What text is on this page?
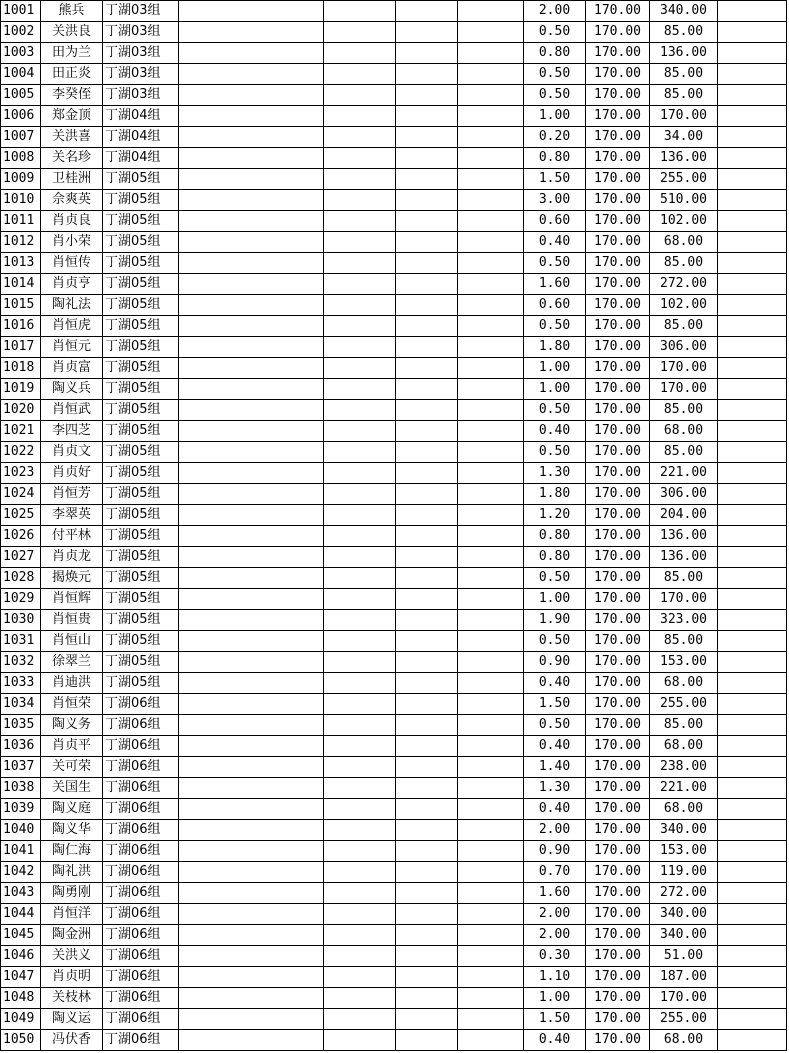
1001	熊兵	丁湖03组					2.00	170.00	340.00	
1002	关洪良	丁湖03组					0.50	170.00	85.00	
1003	田为兰	丁湖03组					0.80	170.00	136.00	
1004	田正炎	丁湖03组					0.50	170.00	85.00	
1005	李癸侄	丁湖03组					0.50	170.00	85.00	
1006	郑金顶	丁湖04组					1.00	170.00	170.00	
1007	关洪喜	丁湖04组					0.20	170.00	34.00	
1008	关名珍	丁湖04组					0.80	170.00	136.00	
1009	卫桂洲	丁湖05组					1.50	170.00	255.00	
1010	佘爽英	丁湖05组					3.00	170.00	510.00	
1011	肖贞良	丁湖05组					0.60	170.00	102.00	
1012	肖小荣	丁湖05组					0.40	170.00	68.00	
1013	肖恒传	丁湖05组					0.50	170.00	85.00	
1014	肖贞亨	丁湖05组					1.60	170.00	272.00	
1015	陶礼法	丁湖05组					0.60	170.00	102.00	
1016	肖恒虎	丁湖05组					0.50	170.00	85.00	
1017	肖恒元	丁湖05组					1.80	170.00	306.00	
1018	肖贞富	丁湖05组					1.00	170.00	170.00	
1019	陶义兵	丁湖05组					1.00	170.00	170.00	
1020	肖恒武	丁湖05组					0.50	170.00	85.00	
1021	李四芝	丁湖05组					0.40	170.00	68.00	
1022	肖贞文	丁湖05组					0.50	170.00	85.00	
1023	肖贞好	丁湖05组					1.30	170.00	221.00	
1024	肖恒芳	丁湖05组					1.80	170.00	306.00	
1025	李翠英	丁湖05组					1.20	170.00	204.00	
1026	付平林	丁湖05组					0.80	170.00	136.00	
1027	肖贞龙	丁湖05组					0.80	170.00	136.00	
1028	揭焕元	丁湖05组					0.50	170.00	85.00	
1029	肖恒辉	丁湖05组					1.00	170.00	170.00	
1030	肖恒贵	丁湖05组					1.90	170.00	323.00	
1031	肖恒山	丁湖05组					0.50	170.00	85.00	
1032	徐翠兰	丁湖05组					0.90	170.00	153.00	
1033	肖迪洪	丁湖05组					0.40	170.00	68.00	
1034	肖恒荣	丁湖06组					1.50	170.00	255.00	
1035	陶义务	丁湖06组					0.50	170.00	85.00	
1036	肖贞平	丁湖06组					0.40	170.00	68.00	
1037	关可荣	丁湖06组					1.40	170.00	238.00	
1038	关国生	丁湖06组					1.30	170.00	221.00	
1039	陶义庭	丁湖06组					0.40	170.00	68.00	
1040	陶义华	丁湖06组					2.00	170.00	340.00	
1041	陶仁海	丁湖06组					0.90	170.00	153.00	
1042	陶礼洪	丁湖06组					0.70	170.00	119.00	
1043	陶勇刚	丁湖06组					1.60	170.00	272.00	
1044	肖恒洋	丁湖06组					2.00	170.00	340.00	
1045	陶金洲	丁湖06组					2.00	170.00	340.00	
1046	关洪义	丁湖06组					0.30	170.00	51.00	
1047	肖贞明	丁湖06组					1.10	170.00	187.00	
1048	关枝林	丁湖06组					1.00	170.00	170.00	
1049	陶义运	丁湖06组					1.50	170.00	255.00	
1050	冯伏香	丁湖06组					0.40	170.00	68.00	
